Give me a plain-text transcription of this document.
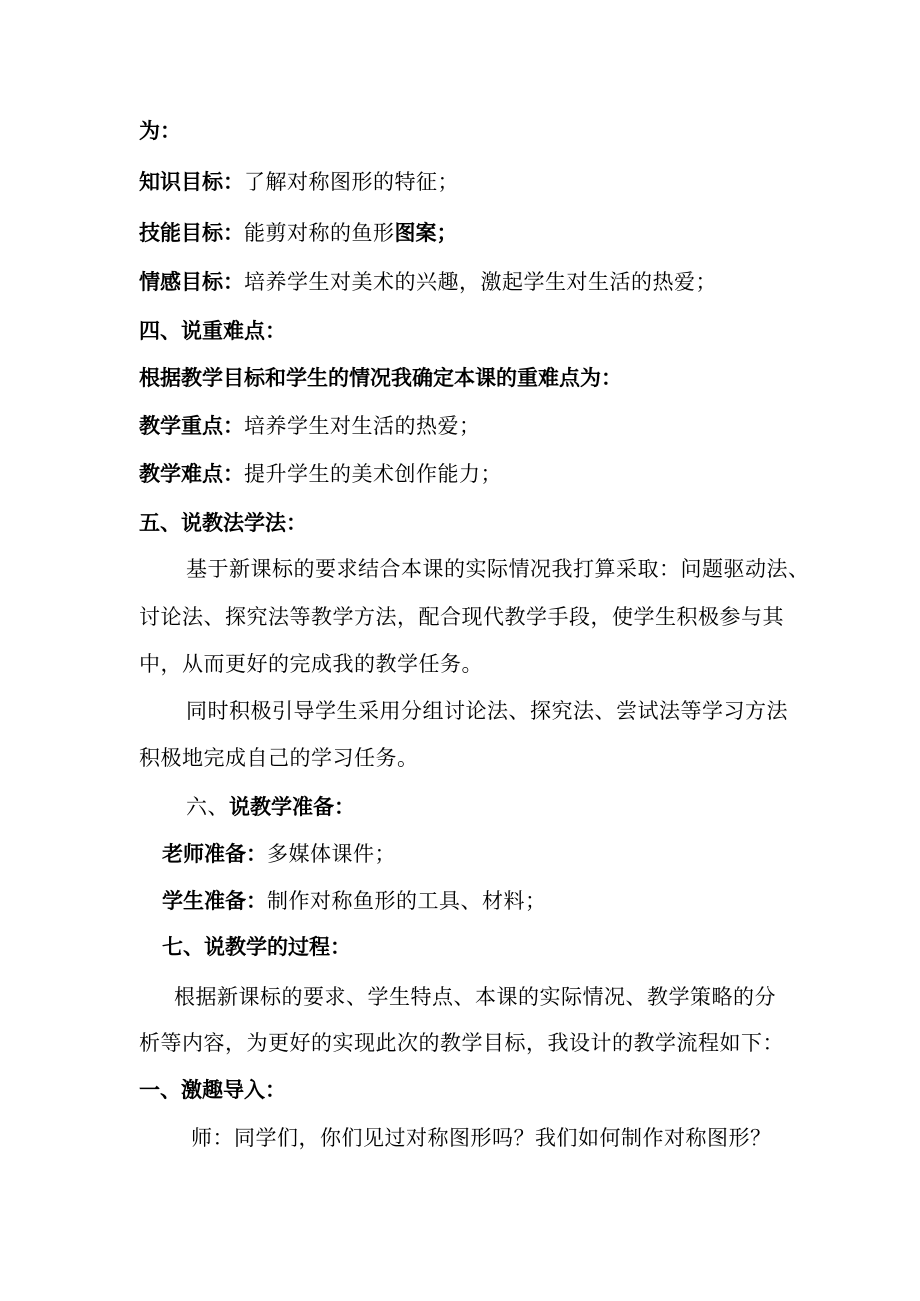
为：
知识目标：了解对称图形的特征；
技能目标：能剪对称的鱼形图案；
情感目标：培养学生对美术的兴趣，激起学生对生活的热爱；
四、说重难点：
根据教学目标和学生的情况我确定本课的重难点为：
教学重点：培养学生对生活的热爱；
教学难点：提升学生的美术创作能力；
五、说教法学法：
基于新课标的要求结合本课的实际情况我打算采取：问题驱动法、
讨论法、探究法等教学方法，配合现代教学手段，使学生积极参与其
中，从而更好的完成我的教学任务。
同时积极引导学生采用分组讨论法、探究法、尝试法等学习方法
积极地完成自己的学习任务。
六、说教学准备：
老师准备：多媒体课件；
学生准备：制作对称鱼形的工具、材料；
七、说教学的过程：
根据新课标的要求、学生特点、本课的实际情况、教学策略的分
析等内容，为更好的实现此次的教学目标，我设计的教学流程如下：
一、激趣导入：
师：同学们，你们见过对称图形吗？我们如何制作对称图形？
